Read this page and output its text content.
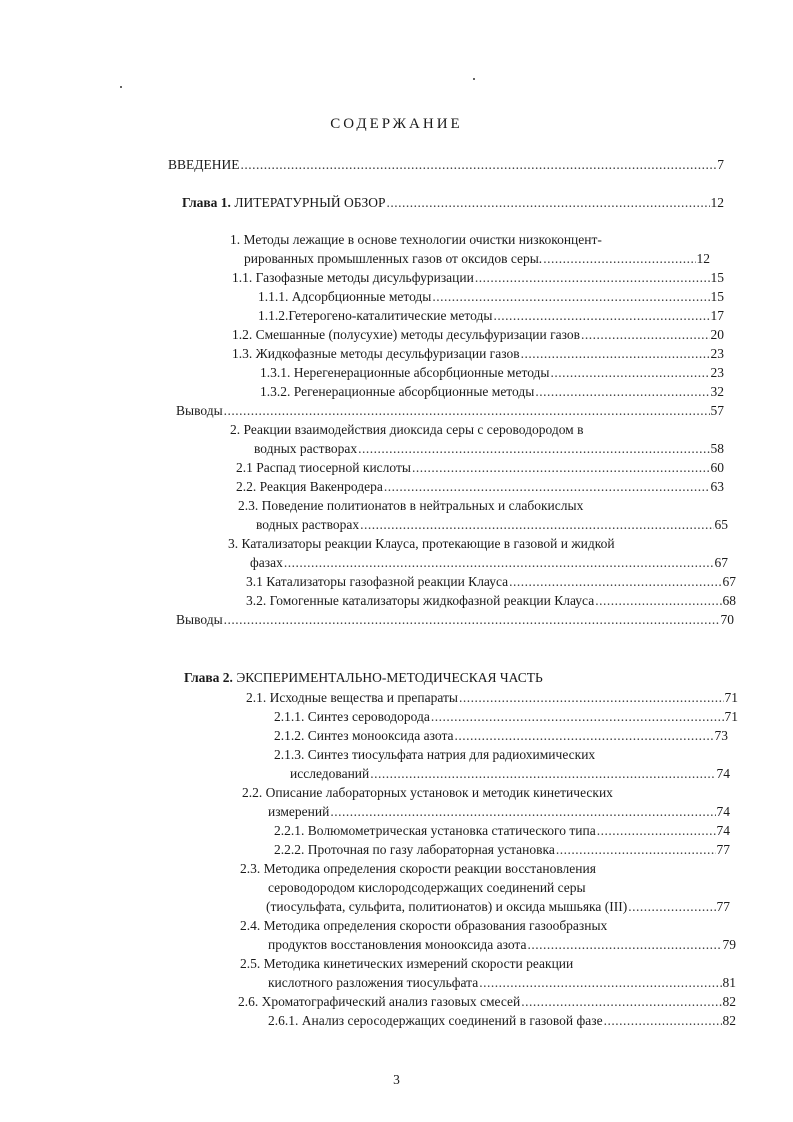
СОДЕРЖАНИЕ
ВВЕДЕНИЕ .....	7
Глава 1. ЛИТЕРАТУРНЫЙ ОБЗОР .....	12
1. Методы лежащие в основе технологии очистки низкоконцент-
рированных промышленных газов от оксидов серы. .....	12
1.1. Газофазные методы дисульфуризации .....	15
1.1.1. Адсорбционные методы .....	15
1.1.2.Гетерогено-каталитические методы .....	17
1.2. Смешанные (полусухие) методы десульфуризации газов .....	20
1.3. Жидкофазные методы десульфуризации газов .....	23
1.3.1. Нерегенерационные абсорбционные методы .....	23
1.3.2. Регенерационные абсорбционные методы .....	32
Выводы .....	57
2. Реакции взаимодействия диоксида серы с сероводородом в
водных растворах .....	58
2.1 Распад тиосерной кислоты .....	60
2.2. Реакция Вакенродера .....	63
2.3. Поведение политионатов в нейтральных и слабокислых
водных растворах .....	65
3. Катализаторы реакции Клауса, протекающие в газовой и жидкой
фазах .....	67
3.1 Катализаторы газофазной реакции Клауса .....	67
3.2. Гомогенные катализаторы жидкофазной реакции Клауса .....	68
Выводы .....	70
Глава 2. ЭКСПЕРИМЕНТАЛЬНО-МЕТОДИЧЕСКАЯ ЧАСТЬ
2.1. Исходные вещества и препараты .....	71
2.1.1. Синтез сероводорода .....	71
2.1.2. Синтез монооксида азота .....	73
2.1.3. Синтез тиосульфата натрия для радиохимических
исследований .....	74
2.2. Описание лабораторных установок и методик кинетических
измерений .....	74
2.2.1. Волюмометрическая установка статического типа .....	74
2.2.2. Проточная по газу лабораторная установка .....	77
2.3. Методика определения скорости реакции восстановления
сероводородом кислородсодержащих соединений серы
(тиосульфата, сульфита, политионатов) и оксида мышьяка (III) .....	77
2.4. Методика определения скорости образования газообразных
продуктов восстановления монооксида азота .....	79
2.5. Методика кинетических измерений скорости реакции
кислотного разложения тиосульфата .....	81
2.6. Хроматографический анализ газовых смесей .....	82
2.6.1. Анализ серосодержащих соединений в газовой фазе .....	82
3
